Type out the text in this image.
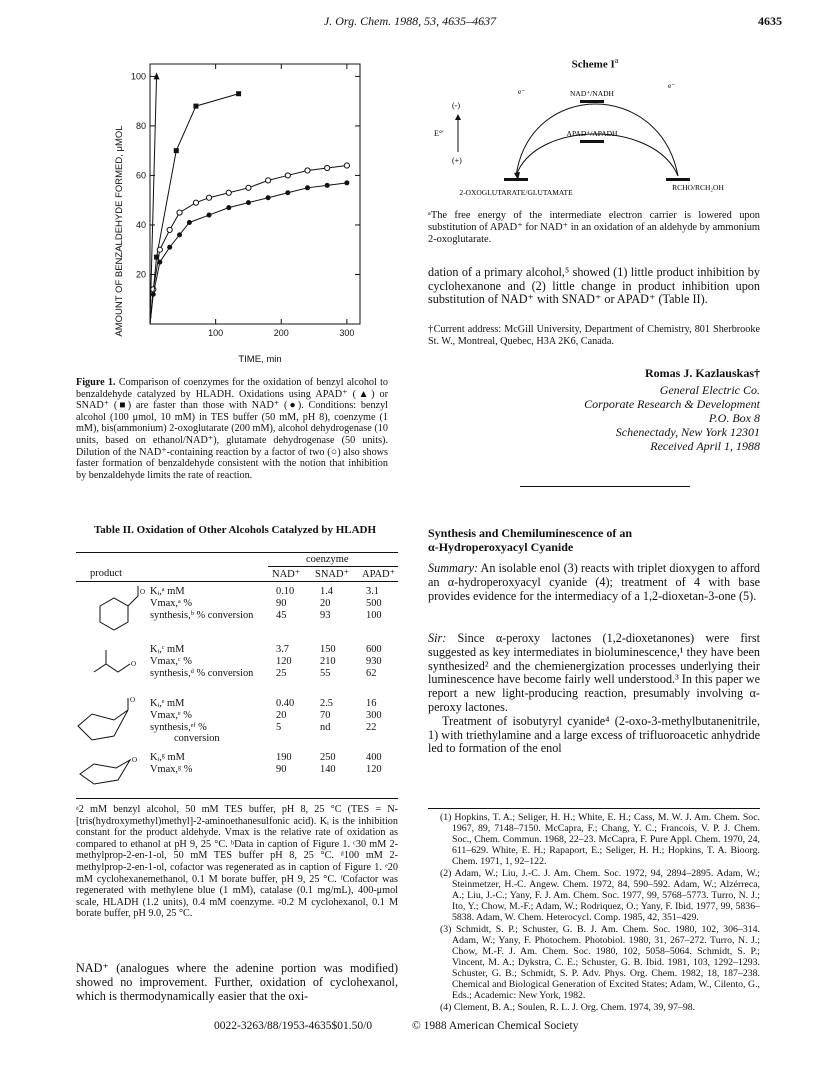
J. Org. Chem. 1988, 53, 4635–4637	4635
100
80
60
40
20
100	200	300
AMOUNT OF BENZALDEHYDE FORMED, μMOL
TIME, min
Figure 1. Comparison of coenzymes for the oxidation of benzyl alcohol to benzaldehyde catalyzed by HLADH. Oxidations using APAD⁺ (▲) or SNAD⁺ (■) are faster than those with NAD⁺ (●). Conditions: benzyl alcohol (100 μmol, 10 mM) in TES buffer (50 mM, pH 8), coenzyme (1 mM), bis(ammonium) 2-oxoglutarate (200 mM), alcohol dehydrogenase (10 units, based on ethanol/NAD⁺), glutamate dehydrogenase (50 units). Dilution of the NAD⁺-containing reaction by a factor of two (○) also shows faster formation of benzaldehyde consistent with the notion that inhibition by benzaldehyde limits the rate of reaction.
Scheme $I^a$
(-)
E°′
(+)
NAD⁺/NADH
APAD⁺/APADH
2-OXOGLUTARATE/GLUTAMATE
RCHO/RCH₂OH
e⁻
e⁻
ᵃThe free energy of the intermediate electron carrier is lowered upon substitution of APAD⁺ for NAD⁺ in an oxidation of an aldehyde by ammonium 2-oxoglutarate.
dation of a primary alcohol,⁵ showed (1) little product inhibition by cyclohexanone and (2) little change in product inhibition upon substitution of NAD⁺ with SNAD⁺ or APAD⁺ (Table II).
†Current address: McGill University, Department of Chemistry, 801 Sherbrooke St. W., Montreal, Quebec, H3A 2K6, Canada.
Romas J. Kazlauskas†
General Electric Co.
Corporate Research & Development
P.O. Box 8
Schenectady, New York 12301
Received April 1, 1988
Table II. Oxidation of Other Alcohols Catalyzed by HLADH
coenzyme
product	NAD⁺ SNAD⁺ APAD⁺
Kᵢ,ᵃ mM	0.10 1.4	3.1
Vmax,ᵃ %	90	20	500
synthesis,ᵇ % conversion 45	93	100
Kᵢ,ᶜ mM	3.7	150	600
Vmax,ᶜ %	120	210	930
synthesis,ᵈ % conversion 25	55	62
Kᵢ,ᵉ mM	0.40 2.5	16
Vmax,ᵉ %	20	70	300
synthesis,ᵉᶠ %	5	nd	22
conversion
Kᵢ,ᵍ mM	190	250	400
Vmax,ᵍ %	90	140	120
O
O
O
O
ᵃ2 mM benzyl alcohol, 50 mM TES buffer, pH 8, 25 °C (TES = N-[tris(hydroxymethyl)methyl]-2-aminoethanesulfonic acid). Kᵢ is the inhibition constant for the product aldehyde. Vmax is the relative rate of oxidation as compared to ethanol at pH 9, 25 °C. ᵇData in caption of Figure 1. ᶜ30 mM 2-methylprop-2-en-1-ol, 50 mM TES buffer pH 8, 25 °C. ᵈ100 mM 2-methylprop-2-en-1-ol, cofactor was regenerated as in caption of Figure 1. ᵉ20 mM cyclohexanemethanol, 0.1 M borate buffer, pH 9, 25 °C. ᶠCofactor was regenerated with methylene blue (1 mM), catalase (0.1 mg/mL), 400-μmol scale, HLADH (1.2 units), 0.4 mM coenzyme. ᵍ0.2 M cyclohexanol, 0.1 M borate buffer, pH 9.0, 25 °C.
NAD⁺ (analogues where the adenine portion was modified) showed no improvement. Further, oxidation of cyclohexanol, which is thermodynamically easier that the oxi-
Synthesis and Chemiluminescence of an
α-Hydroperoxyacyl Cyanide
Summary: An isolable enol (3) reacts with triplet dioxygen to afford an α-hydroperoxyacyl cyanide (4); treatment of 4 with base provides evidence for the intermediacy of a 1,2-dioxetan-3-one (5).

Sir: Since α-peroxy lactones (1,2-dioxetanones) were first suggested as key intermediates in bioluminescence,¹ they have been synthesized² and the chemienergization processes underlying their luminescence have become fairly well understood.³ In this paper we report a new light-producing reaction, presumably involving α-peroxy lactones.

Treatment of isobutyryl cyanide⁴ (2-oxo-3-methylbutanenitrile, 1) with triethylamine and a large excess of trifluoroacetic anhydride led to formation of the enol

(1) Hopkins, T. A.; Seliger, H. H.; White, E. H.; Cass, M. W. J. Am. Chem. Soc. 1967, 89, 7148–7150. McCapra, F.; Chang, Y. C.; Francois, V. P. J. Chem. Soc., Chem. Commun. 1968, 22–23. McCapra, F. Pure Appl. Chem. 1970, 24, 611–629. White, E. H.; Rapaport, E.; Seliger, H. H.; Hopkins, T. A. Bioorg. Chem. 1971, 1, 92–122.

(2) Adam, W.; Liu, J.-C. J. Am. Chem. Soc. 1972, 94, 2894–2895. Adam, W.; Steinmetzer, H.-C. Angew. Chem. 1972, 84, 590–592. Adam, W.; Alzérreca, A.; Liu, J.-C.; Yany, F. J. Am. Chem. Soc. 1977, 99, 5768–5773. Turro, N. J.; Ito, Y.; Chow, M.-F.; Adam, W.; Rodriquez, O.; Yany, F. Ibid. 1977, 99, 5836–5838. Adam, W. Chem. Heterocycl. Comp. 1985, 42, 351–429.

(3) Schmidt, S. P.; Schuster, G. B. J. Am. Chem. Soc. 1980, 102, 306–314. Adam, W.; Yany, F. Photochem. Photobiol. 1980, 31, 267–272. Turro, N. J.; Chow, M.-F. J. Am. Chem. Soc. 1980, 102, 5058–5064. Schmidt, S. P.; Vincent, M. A.; Dykstra, C. E.; Schuster, G. B. Ibid. 1981, 103, 1292–1293. Schuster, G. B.; Schmidt, S. P. Adv. Phys. Org. Chem. 1982, 18, 187–238. Chemical and Biological Generation of Excited States; Adam, W., Cilento, G., Eds.; Academic: New York, 1982.

(4) Clement, B. A.; Soulen, R. L. J. Org. Chem. 1974, 39, 97–98.

0022-3263/88/1953-4635$01.50/0	© 1988 American Chemical Society
